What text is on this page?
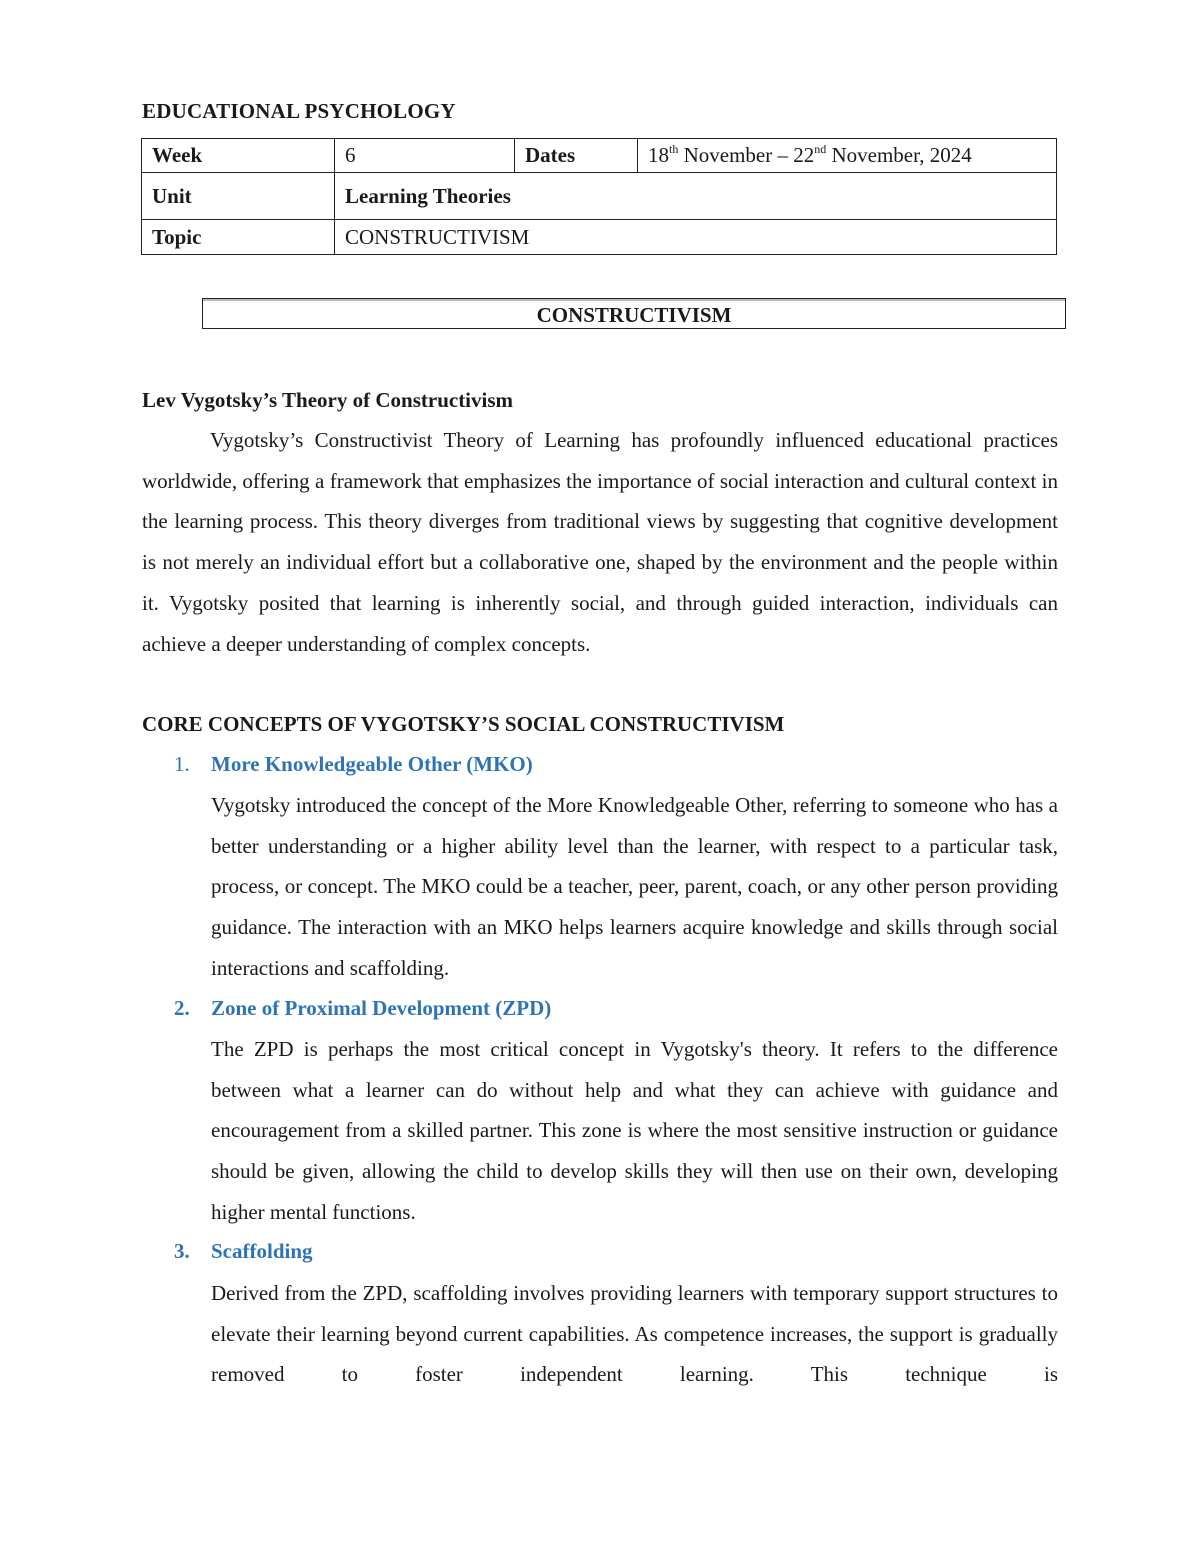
EDUCATIONAL PSYCHOLOGY
Week	6	Dates	18th November – 22nd November, 2024
Unit	Learning Theories		
Topic	CONSTRUCTIVISM		
CONSTRUCTIVISM
Lev Vygotsky’s Theory of Constructivism

Vygotsky’s Constructivist Theory of Learning has profoundly influenced educational practices worldwide, offering a framework that emphasizes the importance of social interaction and cultural context in the learning process. This theory diverges from traditional views by suggesting that cognitive development is not merely an individual effort but a collaborative one, shaped by the environment and the people within it. Vygotsky posited that learning is inherently social, and through guided interaction, individuals can achieve a deeper understanding of complex concepts.

CORE CONCEPTS OF VYGOTSKY’S SOCIAL CONSTRUCTIVISM
1. More Knowledgeable Other (MKO)

Vygotsky introduced the concept of the More Knowledgeable Other, referring to someone who has a better understanding or a higher ability level than the learner, with respect to a particular task, process, or concept. The MKO could be a teacher, peer, parent, coach, or any other person providing guidance. The interaction with an MKO helps learners acquire knowledge and skills through social interactions and scaffolding.

2. Zone of Proximal Development (ZPD)

The ZPD is perhaps the most critical concept in Vygotsky's theory. It refers to the difference between what a learner can do without help and what they can achieve with guidance and encouragement from a skilled partner. This zone is where the most sensitive instruction or guidance should be given, allowing the child to develop skills they will then use on their own, developing higher mental functions.

3. Scaffolding

Derived from the ZPD, scaffolding involves providing learners with temporary support structures to elevate their learning beyond current capabilities. As competence increases, the support is gradually removed to foster independent learning. This technique is
